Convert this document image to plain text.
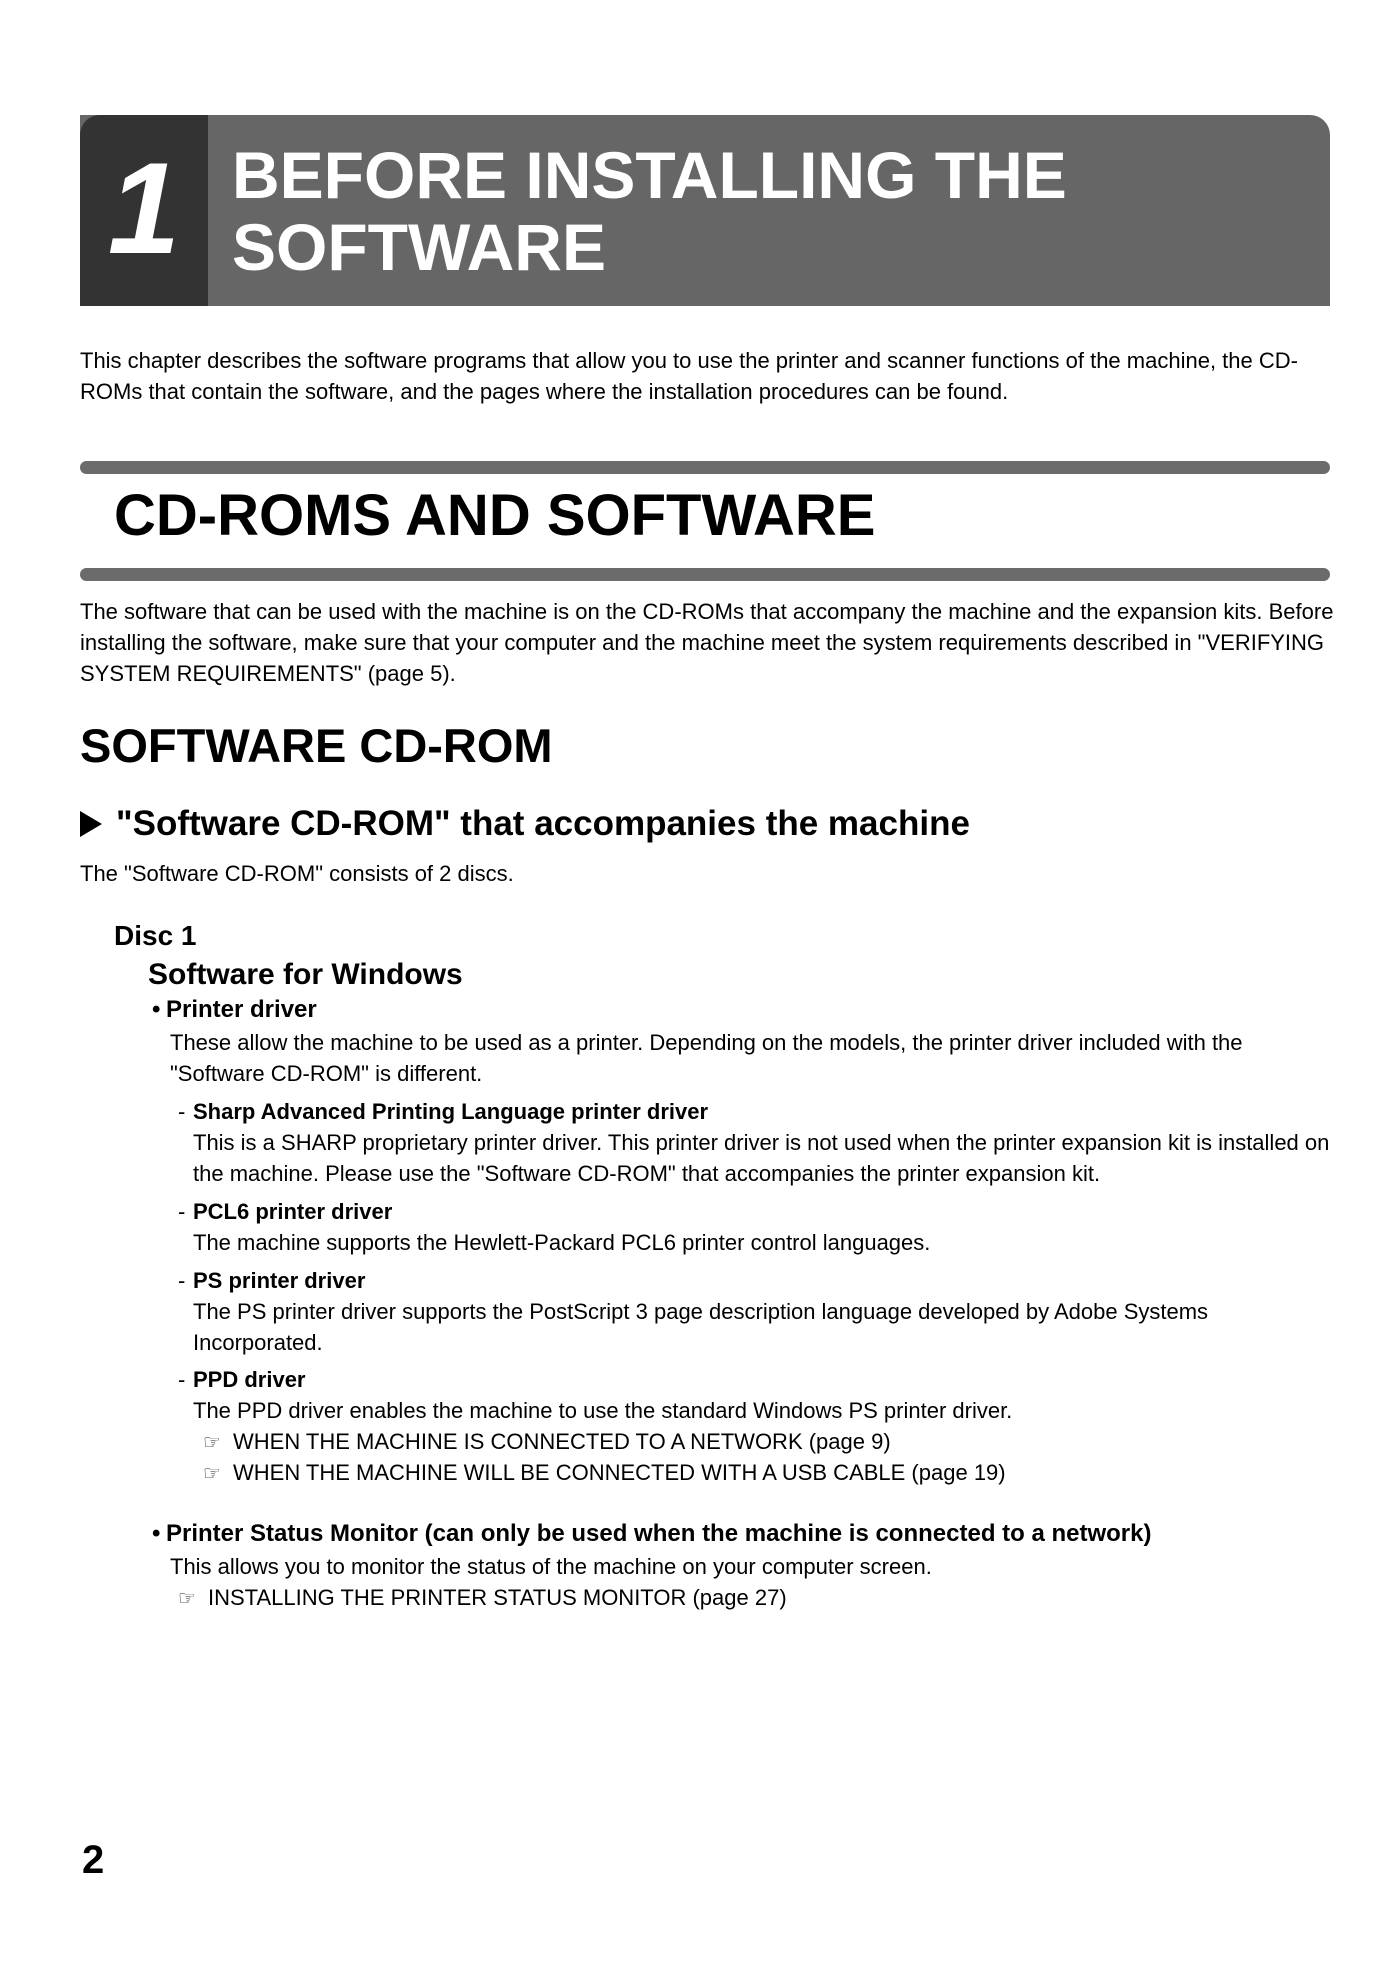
1 BEFORE INSTALLING THE SOFTWARE
This chapter describes the software programs that allow you to use the printer and scanner functions of the machine, the CD-ROMs that contain the software, and the pages where the installation procedures can be found.
CD-ROMS AND SOFTWARE
The software that can be used with the machine is on the CD-ROMs that accompany the machine and the expansion kits. Before installing the software, make sure that your computer and the machine meet the system requirements described in "VERIFYING SYSTEM REQUIREMENTS" (page 5).
SOFTWARE CD-ROM
"Software CD-ROM" that accompanies the machine
The "Software CD-ROM" consists of 2 discs.
Disc 1
Software for Windows
• Printer driver
These allow the machine to be used as a printer. Depending on the models, the printer driver included with the "Software CD-ROM" is different.
- Sharp Advanced Printing Language printer driver
This is a SHARP proprietary printer driver. This printer driver is not used when the printer expansion kit is installed on the machine. Please use the "Software CD-ROM" that accompanies the printer expansion kit.
- PCL6 printer driver
The machine supports the Hewlett-Packard PCL6 printer control languages.
- PS printer driver
The PS printer driver supports the PostScript 3 page description language developed by Adobe Systems Incorporated.
- PPD driver
The PPD driver enables the machine to use the standard Windows PS printer driver.
☞ WHEN THE MACHINE IS CONNECTED TO A NETWORK (page 9)
☞ WHEN THE MACHINE WILL BE CONNECTED WITH A USB CABLE (page 19)
• Printer Status Monitor (can only be used when the machine is connected to a network)
This allows you to monitor the status of the machine on your computer screen.
☞ INSTALLING THE PRINTER STATUS MONITOR (page 27)
2
